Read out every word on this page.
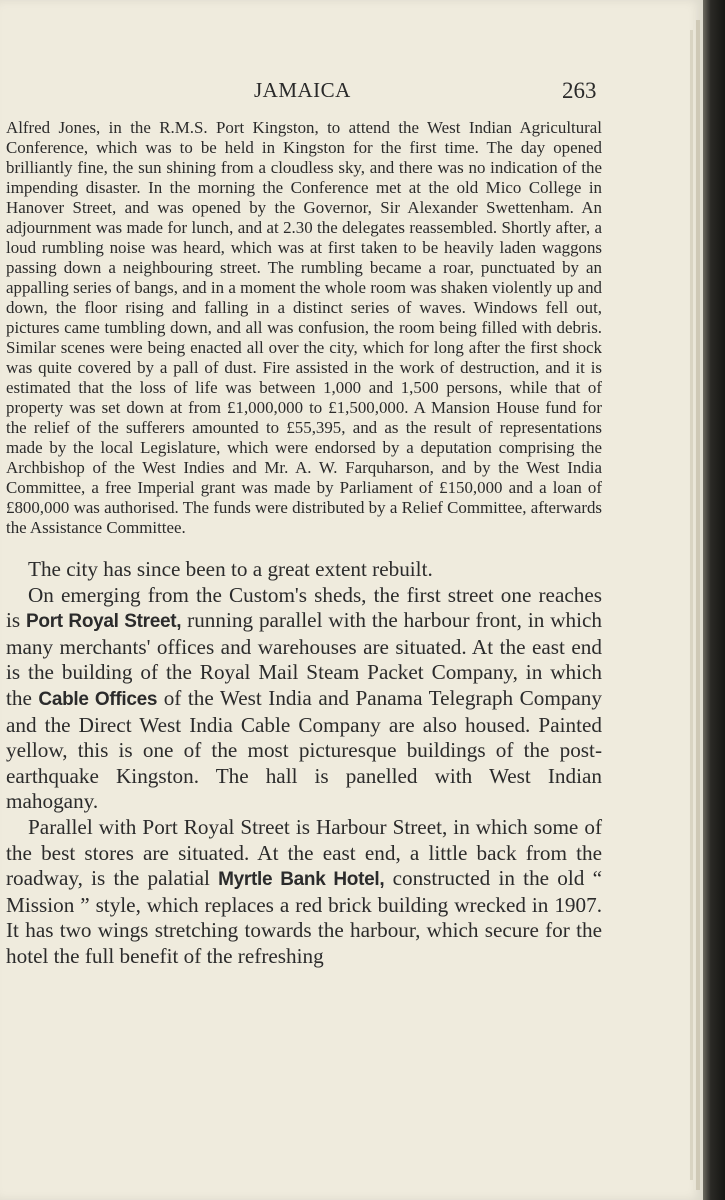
JAMAICA	263

Alfred Jones, in the R.M.S. Port Kingston, to attend the West Indian Agricultural Conference, which was to be held in Kingston for the first time. The day opened brilliantly fine, the sun shining from a cloudless sky, and there was no indication of the impending disaster. In the morning the Conference met at the old Mico College in Hanover Street, and was opened by the Governor, Sir Alexander Swettenham. An adjournment was made for lunch, and at 2.30 the delegates reassembled. Shortly after, a loud rumbling noise was heard, which was at first taken to be heavily laden waggons passing down a neighbouring street. The rumbling became a roar, punctuated by an appalling series of bangs, and in a moment the whole room was shaken violently up and down, the floor rising and falling in a distinct series of waves. Windows fell out, pictures came tumbling down, and all was confusion, the room being filled with debris. Similar scenes were being enacted all over the city, which for long after the first shock was quite covered by a pall of dust. Fire assisted in the work of destruction, and it is estimated that the loss of life was between 1,000 and 1,500 persons, while that of property was set down at from £1,000,000 to £1,500,000. A Mansion House fund for the relief of the sufferers amounted to £55,395, and as the result of representations made by the local Legislature, which were endorsed by a deputation comprising the Archbishop of the West Indies and Mr. A. W. Farquharson, and by the West India Committee, a free Imperial grant was made by Parliament of £150,000 and a loan of £800,000 was authorised. The funds were distributed by a Relief Committee, afterwards the Assistance Committee.

The city has since been to a great extent rebuilt.

On emerging from the Custom's sheds, the first street one reaches is Port Royal Street, running parallel with the harbour front, in which many merchants' offices and warehouses are situated. At the east end is the building of the Royal Mail Steam Packet Company, in which the Cable Offices of the West India and Panama Telegraph Company and the Direct West India Cable Company are also housed. Painted yellow, this is one of the most picturesque buildings of the post-earthquake Kingston. The hall is panelled with West Indian mahogany.

Parallel with Port Royal Street is Harbour Street, in which some of the best stores are situated. At the east end, a little back from the roadway, is the palatial Myrtle Bank Hotel, constructed in the old “ Mission ” style, which replaces a red brick building wrecked in 1907. It has two wings stretching towards the harbour, which secure for the hotel the full benefit of the refreshing
